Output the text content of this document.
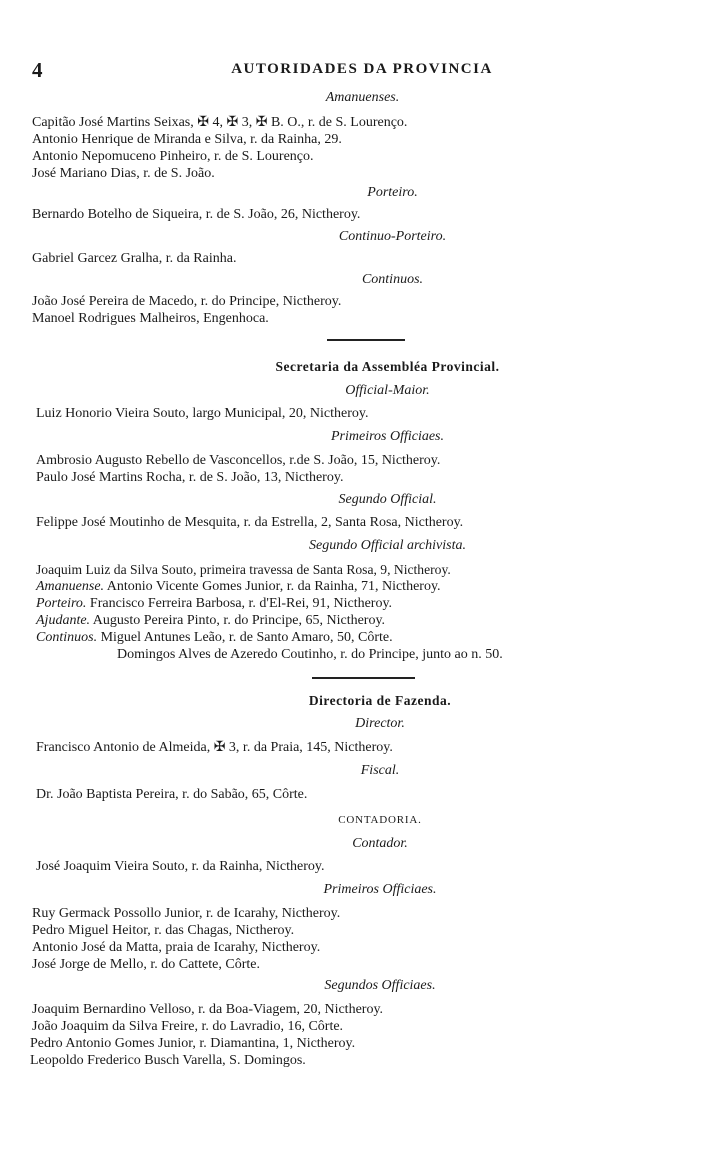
4	AUTORIDADES DA PROVINCIA
Amanuenses.
Capitão José Martins Seixas, ✠ 4, ✠ 3, ✠ B. O., r. de S. Lourenço.
Antonio Henrique de Miranda e Silva, r. da Rainha, 29.
Antonio Nepomuceno Pinheiro, r. de S. Lourenço.
José Mariano Dias, r. de S. João.
Porteiro.
Bernardo Botelho de Siqueira, r. de S. João, 26, Nictheroy.
Continuo-Porteiro.
Gabriel Garcez Gralha, r. da Rainha.
Continuos.
João José Pereira de Macedo, r. do Principe, Nictheroy.
Manoel Rodrigues Malheiros, Engenhoca.
Secretaria da Assembléa Provincial.
Official-Maior.
Luiz Honorio Vieira Souto, largo Municipal, 20, Nictheroy.
Primeiros Officiaes.
Ambrosio Augusto Rebello de Vasconcellos, r.de S. João, 15, Nictheroy.
Paulo José Martins Rocha, r. de S. João, 13, Nictheroy.
Segundo Official.
Felippe José Moutinho de Mesquita, r. da Estrella, 2, Santa Rosa, Nictheroy.
Segundo Official archivista.
Joaquim Luiz da Silva Souto, primeira travessa de Santa Rosa, 9, Nictheroy.
Amanuense. Antonio Vicente Gomes Junior, r. da Rainha, 71, Nictheroy.
Porteiro. Francisco Ferreira Barbosa, r. d'El-Rei, 91, Nictheroy.
Ajudante. Augusto Pereira Pinto, r. do Principe, 65, Nictheroy.
Continuos. Miguel Antunes Leão, r. de Santo Amaro, 50, Côrte.
Domingos Alves de Azeredo Coutinho, r. do Principe, junto ao n. 50.
Directoria de Fazenda.
Director.
Francisco Antonio de Almeida, ✠ 3, r. da Praia, 145, Nictheroy.
Fiscal.
Dr. João Baptista Pereira, r. do Sabão, 65, Côrte.
CONTADORIA.
Contador.
José Joaquim Vieira Souto, r. da Rainha, Nictheroy.
Primeiros Officiaes.
Ruy Germack Possollo Junior, r. de Icarahy, Nictheroy.
Pedro Miguel Heitor, r. das Chagas, Nictheroy.
Antonio José da Matta, praia de Icarahy, Nictheroy.
José Jorge de Mello, r. do Cattete, Côrte.
Segundos Officiaes.
Joaquim Bernardino Velloso, r. da Boa-Viagem, 20, Nictheroy.
João Joaquim da Silva Freire, r. do Lavradio, 16, Côrte.
Pedro Antonio Gomes Junior, r. Diamantina, 1, Nictheroy.
Leopoldo Frederico Busch Varella, S. Domingos.
